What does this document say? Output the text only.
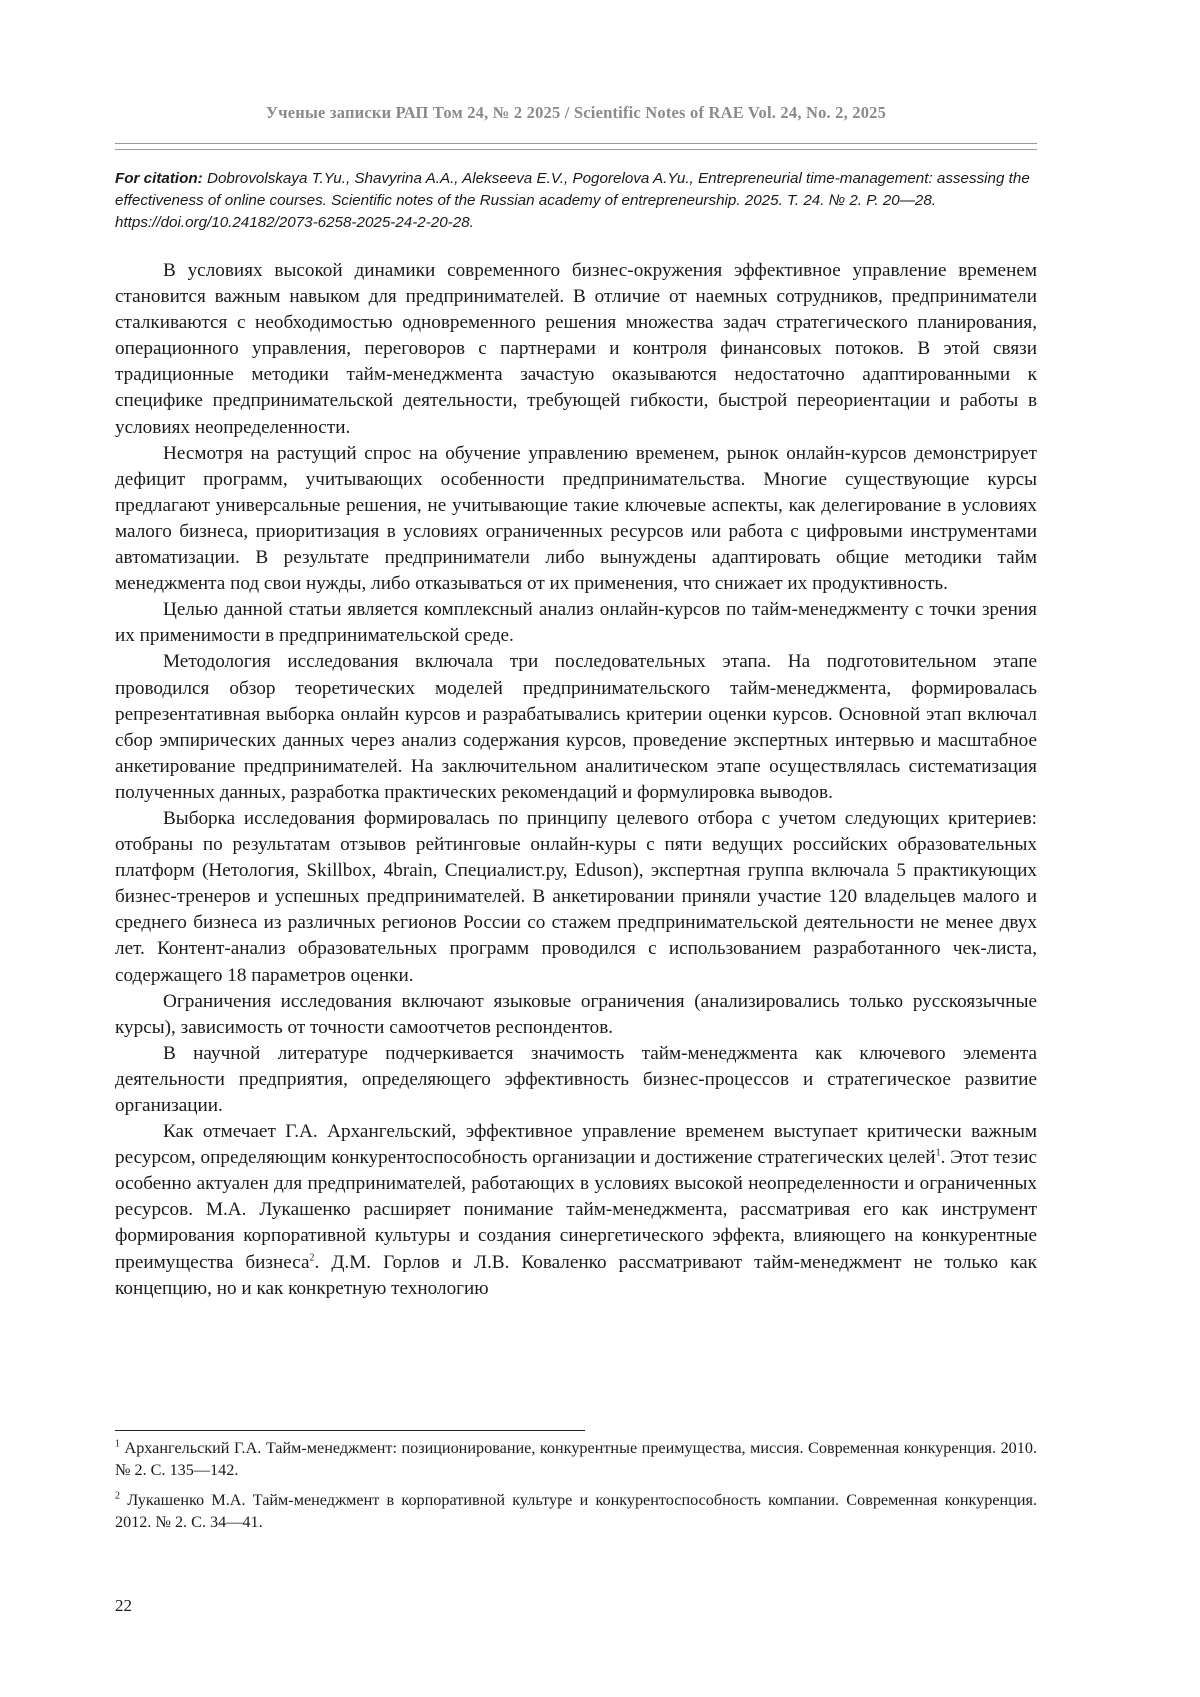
Ученые записки РАП Том 24, № 2 2025 / Scientific Notes of RAE Vol. 24, No. 2, 2025
For citation: Dobrovolskaya T.Yu., Shavyrina A.A., Alekseeva E.V., Pogorelova A.Yu., Entrepreneurial time-management: assessing the effectiveness of online courses. Scientific notes of the Russian academy of entrepreneurship. 2025. T. 24. № 2. P. 20—28. https://doi.org/10.24182/2073-6258-2025-24-2-20-28.

В условиях высокой динамики современного бизнес-окружения эффективное управление временем становится важным навыком для предпринимателей. В отличие от наемных сотрудников, предприниматели сталкиваются с необходимостью одновременного решения множества задач стратегического планирования, операционного управления, переговоров с партнерами и контроля финансовых потоков. В этой связи традиционные методики тайм-менеджмента зачастую оказываются недостаточно адаптированными к специфике предпринимательской деятельности, требующей гибкости, быстрой переориентации и работы в условиях неопределенности.

Несмотря на растущий спрос на обучение управлению временем, рынок онлайн-курсов демонстрирует дефицит программ, учитывающих особенности предпринимательства. Многие существующие курсы предлагают универсальные решения, не учитывающие такие ключевые аспекты, как делегирование в условиях малого бизнеса, приоритизация в условиях ограниченных ресурсов или работа с цифровыми инструментами автоматизации. В результате предприниматели либо вынуждены адаптировать общие методики тайм менеджмента под свои нужды, либо отказываться от их применения, что снижает их продуктивность.

Целью данной статьи является комплексный анализ онлайн-курсов по тайм-менеджменту с точки зрения их применимости в предпринимательской среде.

Методология исследования включала три последовательных этапа. На подготовительном этапе проводился обзор теоретических моделей предпринимательского тайм-менеджмента, формировалась репрезентативная выборка онлайн курсов и разрабатывались критерии оценки курсов. Основной этап включал сбор эмпирических данных через анализ содержания курсов, проведение экспертных интервью и масштабное анкетирование предпринимателей. На заключительном аналитическом этапе осуществлялась систематизация полученных данных, разработка практических рекомендаций и формулировка выводов.

Выборка исследования формировалась по принципу целевого отбора с учетом следующих критериев: отобраны по результатам отзывов рейтинговые онлайн-куры с пяти ведущих российских образовательных платформ (Нетология, Skillbox, 4brain, Специалист.ру, Eduson), экспертная группа включала 5 практикующих бизнес-тренеров и успешных предпринимателей. В анкетировании приняли участие 120 владельцев малого и среднего бизнеса из различных регионов России со стажем предпринимательской деятельности не менее двух лет. Контент-анализ образовательных программ проводился с использованием разработанного чек-листа, содержащего 18 параметров оценки.

Ограничения исследования включают языковые ограничения (анализировались только русскоязычные курсы), зависимость от точности самоотчетов респондентов.

В научной литературе подчеркивается значимость тайм-менеджмента как ключевого элемента деятельности предприятия, определяющего эффективность бизнес-процессов и стратегическое развитие организации.

Как отмечает Г.А. Архангельский, эффективное управление временем выступает критически важным ресурсом, определяющим конкурентоспособность организации и достижение стратегических целей$^1$. Этот тезис особенно актуален для предпринимателей, работающих в условиях высокой неопределенности и ограниченных ресурсов. М.А. Лукашенко расширяет понимание тайм-менеджмента, рассматривая его как инструмент формирования корпоративной культуры и создания синергетического эффекта, влияющего на конкурентные преимущества бизнеса$^2$. Д.М. Горлов и Л.В. Коваленко рассматривают тайм-менеджмент не только как концепцию, но и как конкретную технологию

$^1$ Архангельский Г.А. Тайм-менеджмент: позиционирование, конкурентные преимущества, миссия. Современная конкуренция. 2010. № 2. С. 135—142.

$^2$ Лукашенко М.А. Тайм-менеджмент в корпоративной культуре и конкурентоспособность компании. Современная конкуренция. 2012. № 2. С. 34—41.

22
